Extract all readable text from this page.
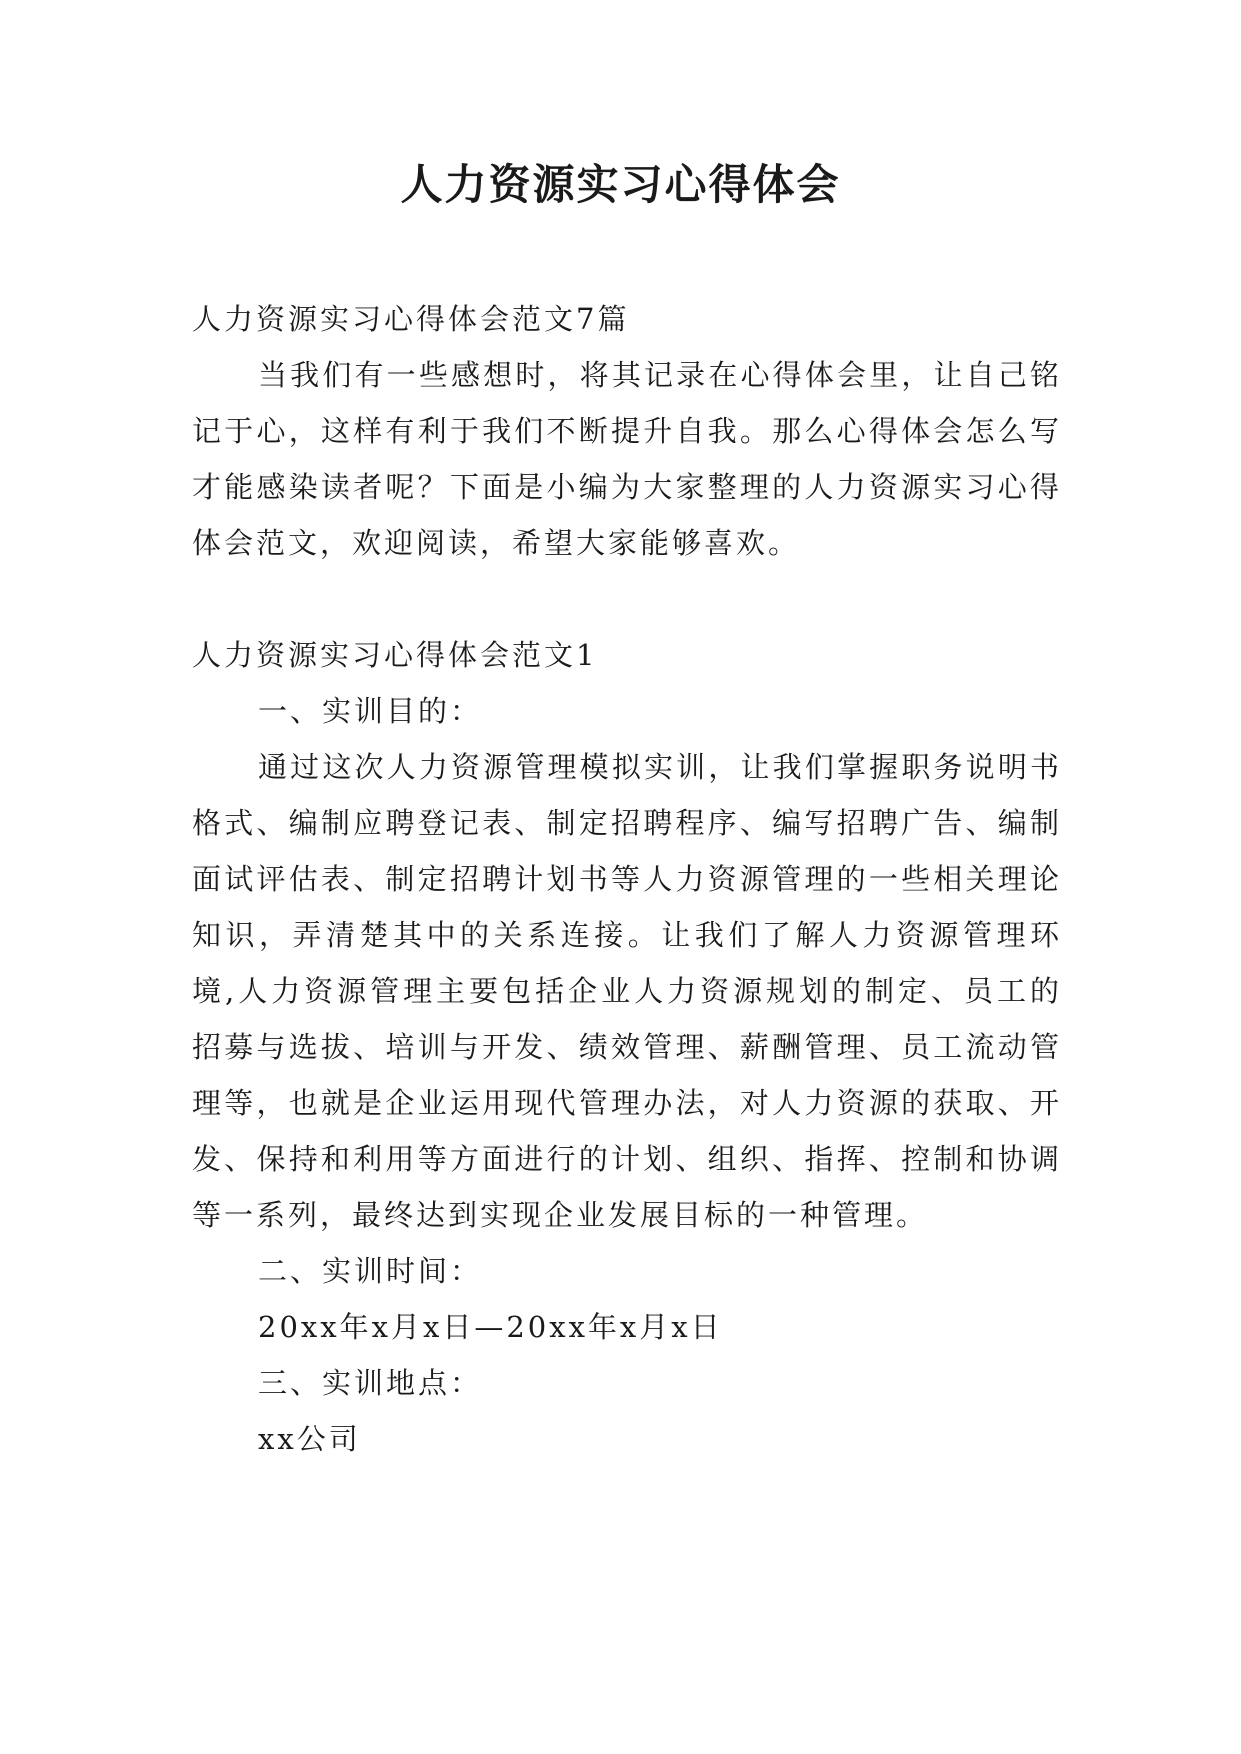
人力资源实习心得体会

人力资源实习心得体会范文7篇

当我们有一些感想时，将其记录在心得体会里，让自己铭记于心，这样有利于我们不断提升自我。那么心得体会怎么写才能感染读者呢？下面是小编为大家整理的人力资源实习心得体会范文，欢迎阅读，希望大家能够喜欢。

人力资源实习心得体会范文1

一、实训目的：

通过这次人力资源管理模拟实训，让我们掌握职务说明书格式、编制应聘登记表、制定招聘程序、编写招聘广告、编制面试评估表、制定招聘计划书等人力资源管理的一些相关理论知识，弄清楚其中的关系连接。让我们了解人力资源管理环境,人力资源管理主要包括企业人力资源规划的制定、员工的招募与选拔、培训与开发、绩效管理、薪酬管理、员工流动管理等，也就是企业运用现代管理办法，对人力资源的获取、开发、保持和利用等方面进行的计划、组织、指挥、控制和协调等一系列，最终达到实现企业发展目标的一种管理。

二、实训时间：

20xx年x月x日—20xx年x月x日

三、实训地点：

xx公司
